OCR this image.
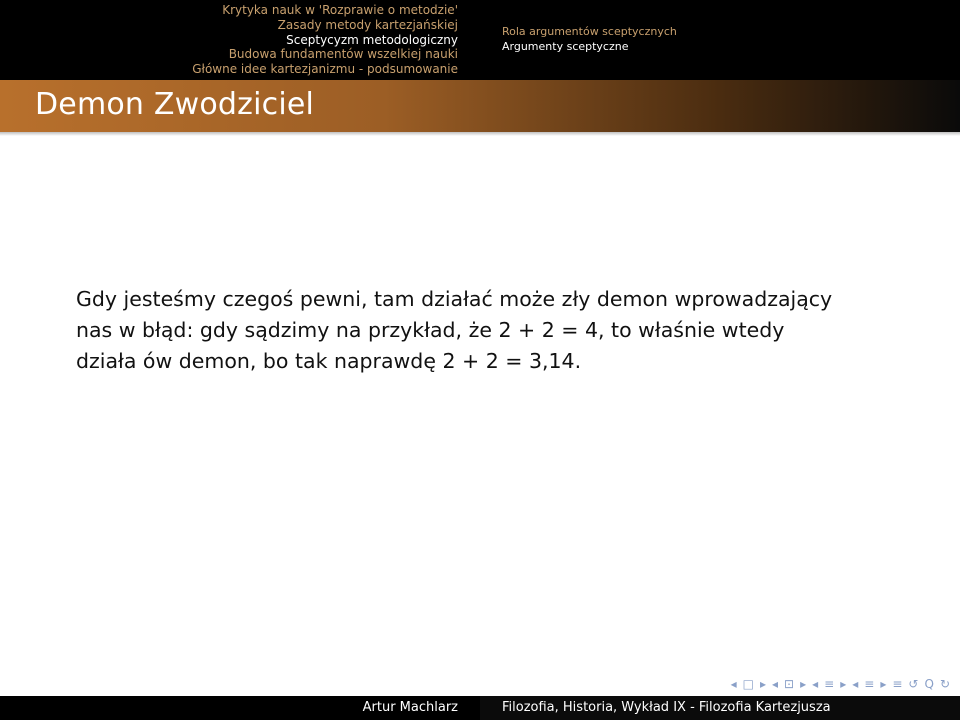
Krytyka nauk w 'Rozprawie o metodzie'
Zasady metody kartezjańskiej
Sceptycyzm metodologiczny
Budowa fundamentów wszelkiej nauki
Główne idee kartezjanizmu - podsumowanie
Rola argumentów sceptycznych
Argumenty sceptyczne
Demon Zwodziciel

Gdy jesteśmy czegoś pewni, tam działać może zły demon wprowadzający

nas w błąd: gdy sądzimy na przykład, że 2 + 2 = 4, to właśnie wtedy

działa ów demon, bo tak naprawdę 2 + 2 = 3,14.

◂ □ ▸ ◂ ⊡ ▸ ◂ ≡ ▸ ◂ ≡ ▸ ≡ ↺ Q ↻
Artur Machlarz	Filozofia, Historia, Wykład IX - Filozofia Kartezjusza
